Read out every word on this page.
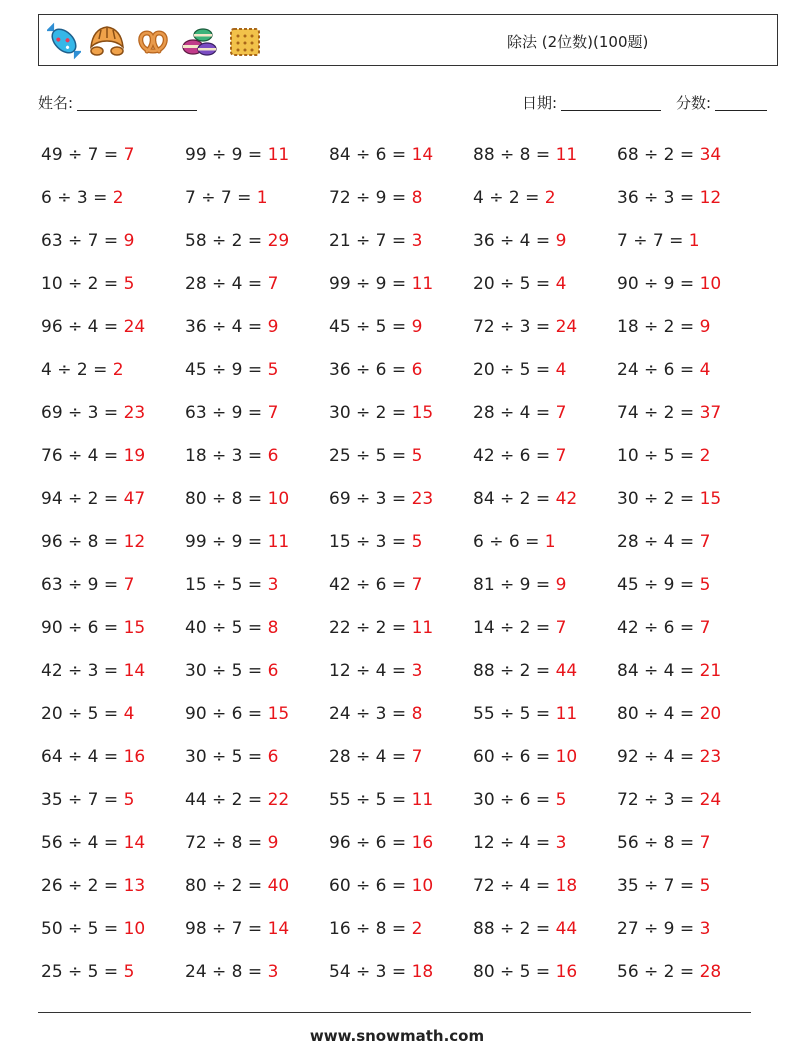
除法 (2位数)(100题)
姓名:	日期:	分数:
49 ÷ 7 = 7	99 ÷ 9 = 11	84 ÷ 6 = 14	88 ÷ 8 = 11	68 ÷ 2 = 34
6 ÷ 3 = 2	7 ÷ 7 = 1	72 ÷ 9 = 8	4 ÷ 2 = 2	36 ÷ 3 = 12
63 ÷ 7 = 9	58 ÷ 2 = 29	21 ÷ 7 = 3	36 ÷ 4 = 9	7 ÷ 7 = 1
10 ÷ 2 = 5	28 ÷ 4 = 7	99 ÷ 9 = 11	20 ÷ 5 = 4	90 ÷ 9 = 10
96 ÷ 4 = 24	36 ÷ 4 = 9	45 ÷ 5 = 9	72 ÷ 3 = 24	18 ÷ 2 = 9
4 ÷ 2 = 2	45 ÷ 9 = 5	36 ÷ 6 = 6	20 ÷ 5 = 4	24 ÷ 6 = 4
69 ÷ 3 = 23	63 ÷ 9 = 7	30 ÷ 2 = 15	28 ÷ 4 = 7	74 ÷ 2 = 37
76 ÷ 4 = 19	18 ÷ 3 = 6	25 ÷ 5 = 5	42 ÷ 6 = 7	10 ÷ 5 = 2
94 ÷ 2 = 47	80 ÷ 8 = 10	69 ÷ 3 = 23	84 ÷ 2 = 42	30 ÷ 2 = 15
96 ÷ 8 = 12	99 ÷ 9 = 11	15 ÷ 3 = 5	6 ÷ 6 = 1	28 ÷ 4 = 7
63 ÷ 9 = 7	15 ÷ 5 = 3	42 ÷ 6 = 7	81 ÷ 9 = 9	45 ÷ 9 = 5
90 ÷ 6 = 15	40 ÷ 5 = 8	22 ÷ 2 = 11	14 ÷ 2 = 7	42 ÷ 6 = 7
42 ÷ 3 = 14	30 ÷ 5 = 6	12 ÷ 4 = 3	88 ÷ 2 = 44	84 ÷ 4 = 21
20 ÷ 5 = 4	90 ÷ 6 = 15	24 ÷ 3 = 8	55 ÷ 5 = 11	80 ÷ 4 = 20
64 ÷ 4 = 16	30 ÷ 5 = 6	28 ÷ 4 = 7	60 ÷ 6 = 10	92 ÷ 4 = 23
35 ÷ 7 = 5	44 ÷ 2 = 22	55 ÷ 5 = 11	30 ÷ 6 = 5	72 ÷ 3 = 24
56 ÷ 4 = 14	72 ÷ 8 = 9	96 ÷ 6 = 16	12 ÷ 4 = 3	56 ÷ 8 = 7
26 ÷ 2 = 13	80 ÷ 2 = 40	60 ÷ 6 = 10	72 ÷ 4 = 18	35 ÷ 7 = 5
50 ÷ 5 = 10	98 ÷ 7 = 14	16 ÷ 8 = 2	88 ÷ 2 = 44	27 ÷ 9 = 3
25 ÷ 5 = 5	24 ÷ 8 = 3	54 ÷ 3 = 18	80 ÷ 5 = 16	56 ÷ 2 = 28
www.snowmath.com
